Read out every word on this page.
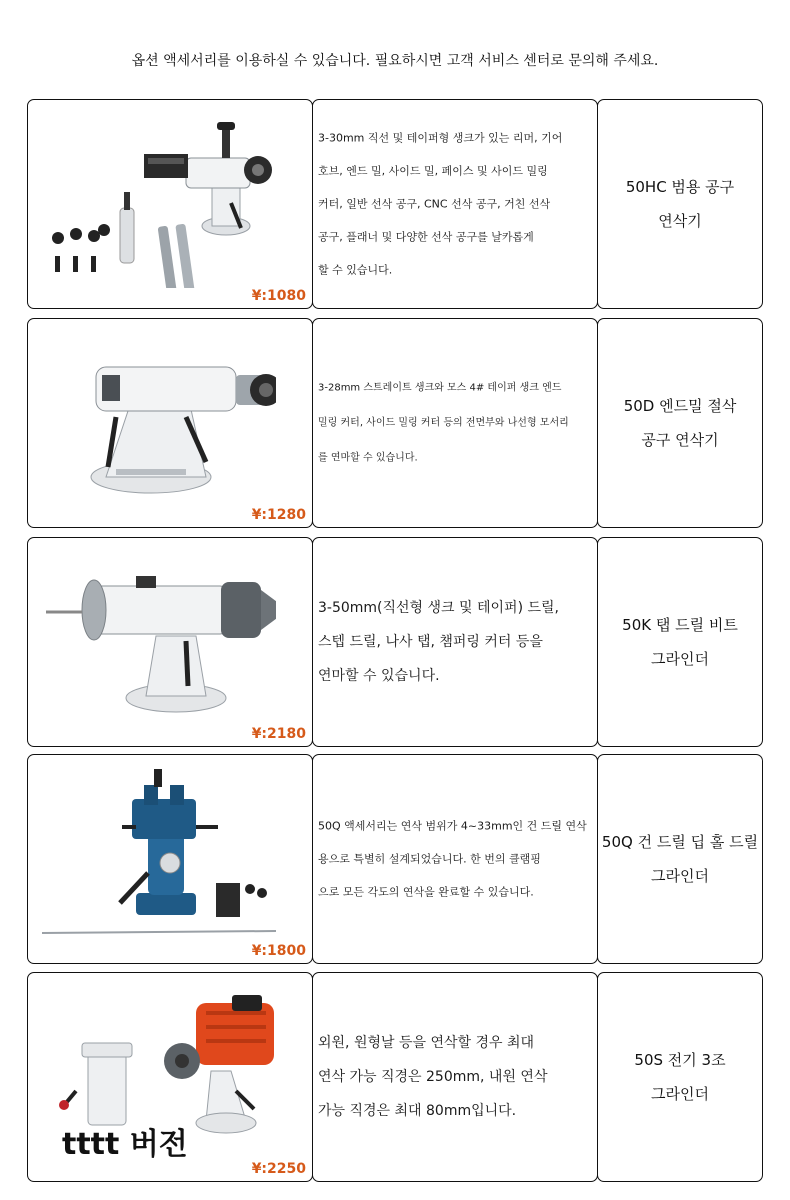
옵션 액세서리를 이용하실 수 있습니다. 필요하시면 고객 서비스 센터로 문의해 주세요.
¥:1080
3-30mm 직선 및 테이퍼형 생크가 있는 리머, 기어
호브, 엔드 밀, 사이드 밀, 페이스 및 사이드 밀링
커터, 일반 선삭 공구, CNC 선삭 공구, 거친 선삭
공구, 플래너 및 다양한 선삭 공구를 날카롭게
할 수 있습니다.
50HC 범용 공구
연삭기
¥:1280
3-28mm 스트레이트 생크와 모스 4# 테이퍼 생크 엔드
밀링 커터, 사이드 밀링 커터 등의 전면부와 나선형 모서리
를 연마할 수 있습니다.
50D 엔드밀 절삭
공구 연삭기
¥:2180
3-50mm(직선형 생크 및 테이퍼) 드릴,
스텝 드릴, 나사 탭, 챔퍼링 커터 등을
연마할 수 있습니다.
50K 탭 드릴 비트
그라인더
¥:1800
50Q 액세서리는 연삭 범위가 4~33mm인 건 드릴 연삭
용으로 특별히 설계되었습니다. 한 번의 클램핑
으로 모든 각도의 연삭을 완료할 수 있습니다.
50Q 건 드릴 딥 홀 드릴
그라인더
tttt 버전
¥:2250
외원, 원형날 등을 연삭할 경우 최대
연삭 가능 직경은 250mm, 내원 연삭
가능 직경은 최대 80mm입니다.
50S 전기 3조
그라인더
